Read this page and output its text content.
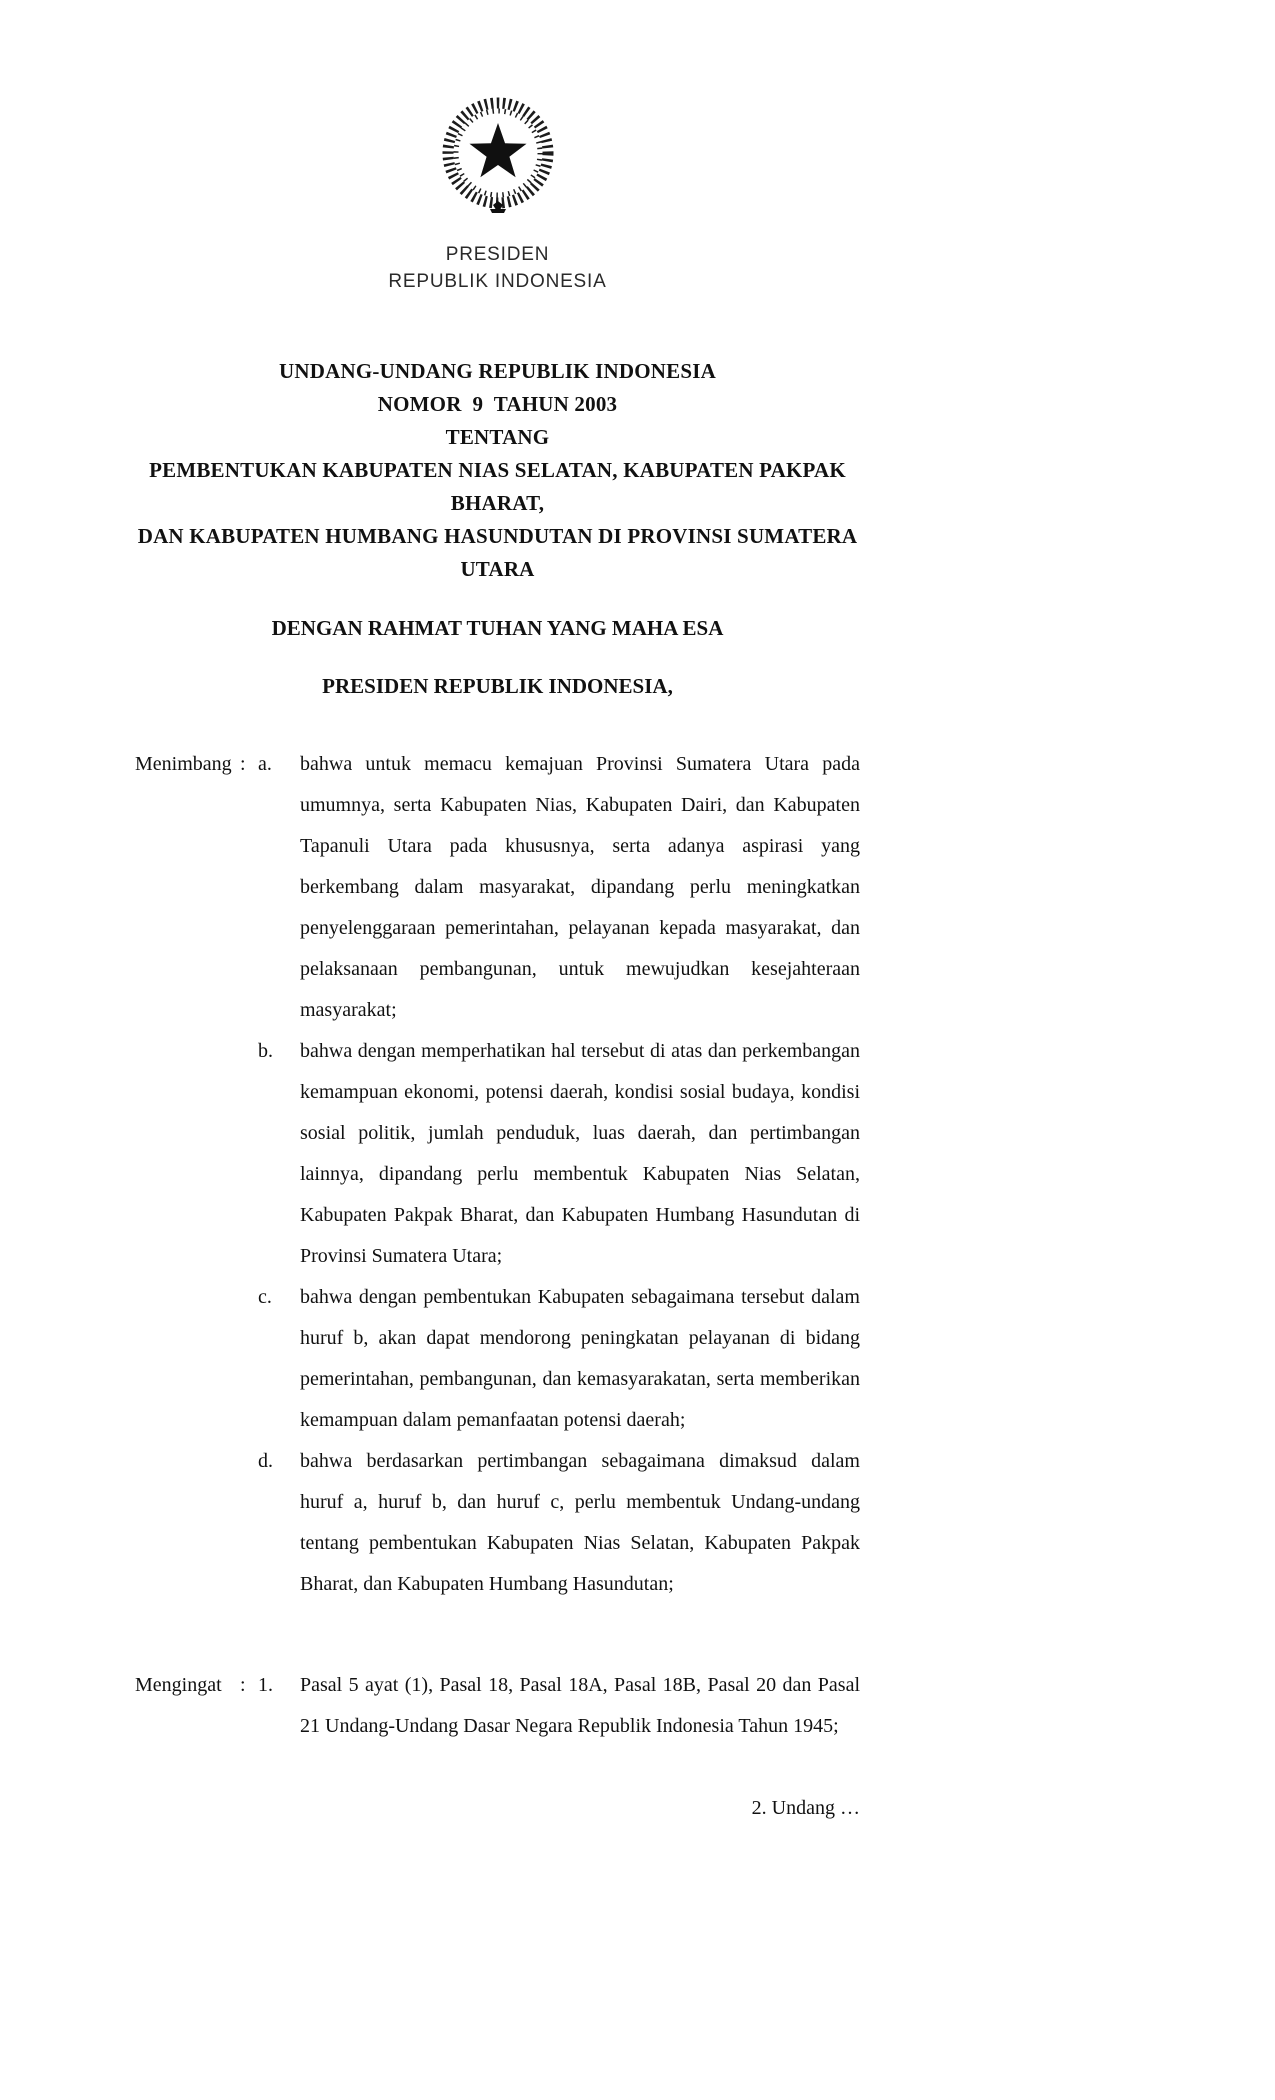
PRESIDEN
REPUBLIK INDONESIA
UNDANG-UNDANG REPUBLIK INDONESIA
NOMOR  9  TAHUN 2003
TENTANG
PEMBENTUKAN KABUPATEN NIAS SELATAN, KABUPATEN PAKPAK BHARAT,
DAN KABUPATEN HUMBANG HASUNDUTAN DI PROVINSI SUMATERA UTARA
DENGAN RAHMAT TUHAN YANG MAHA ESA
PRESIDEN REPUBLIK INDONESIA,
Menimbang : a.	bahwa untuk memacu kemajuan Provinsi Sumatera Utara pada umumnya, serta Kabupaten Nias, Kabupaten Dairi, dan Kabupaten Tapanuli Utara pada khususnya, serta adanya aspirasi yang berkembang dalam masyarakat, dipandang perlu meningkatkan penyelenggaraan pemerintahan, pelayanan kepada masyarakat, dan pelaksanaan pembangunan, untuk mewujudkan kesejahteraan masyarakat;
b.	bahwa dengan memperhatikan hal tersebut di atas dan perkembangan kemampuan ekonomi, potensi daerah, kondisi sosial budaya, kondisi sosial politik, jumlah penduduk, luas daerah, dan pertimbangan lainnya, dipandang perlu membentuk Kabupaten Nias Selatan, Kabupaten Pakpak Bharat, dan Kabupaten Humbang Hasundutan di Provinsi Sumatera Utara;
c.	bahwa dengan pembentukan Kabupaten sebagaimana tersebut dalam huruf b, akan dapat mendorong peningkatan pelayanan di bidang pemerintahan, pembangunan, dan kemasyarakatan, serta memberikan kemampuan dalam pemanfaatan potensi daerah;
d.	bahwa berdasarkan pertimbangan sebagaimana dimaksud dalam huruf a, huruf b, dan huruf c, perlu membentuk Undang-undang tentang pembentukan Kabupaten Nias Selatan, Kabupaten Pakpak Bharat, dan Kabupaten Humbang Hasundutan;
Mengingat : 1.	Pasal 5 ayat (1), Pasal 18, Pasal 18A, Pasal 18B, Pasal 20 dan Pasal 21 Undang-Undang Dasar Negara Republik Indonesia Tahun 1945;
2. Undang …
